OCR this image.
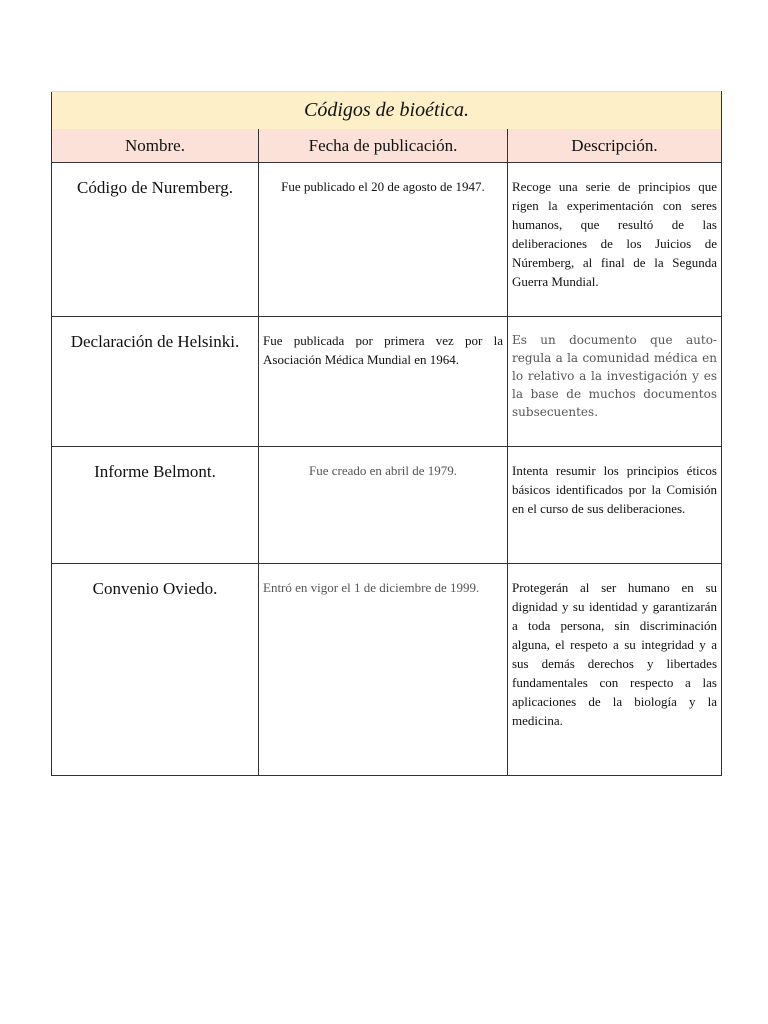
Códigos de bioética.		
Nombre.	Fecha de publicación.	Descripción.
Código de Nuremberg.	Fue publicado el 20 de agosto de 1947.	Recoge una serie de principios que rigen la experimentación con seres humanos, que resultó de las deliberaciones de los Juicios de Núremberg, al final de la Segunda Guerra Mundial.
Declaración de Helsinki.	Fue publicada por primera vez por la Asociación Médica Mundial en 1964.	Es un documento que auto-regula a la comunidad médica en lo relativo a la investigación y es la base de muchos documentos subsecuentes.
Informe Belmont.	Fue creado en abril de 1979.	Intenta resumir los principios éticos básicos identificados por la Comisión en el curso de sus deliberaciones.
Convenio Oviedo.	Entró en vigor el 1 de diciembre de 1999.	Protegerán al ser humano en su dignidad y su identidad y garantizarán a toda persona, sin discriminación alguna, el respeto a su integridad y a sus demás derechos y libertades fundamentales con respecto a las aplicaciones de la biología y la medicina.
